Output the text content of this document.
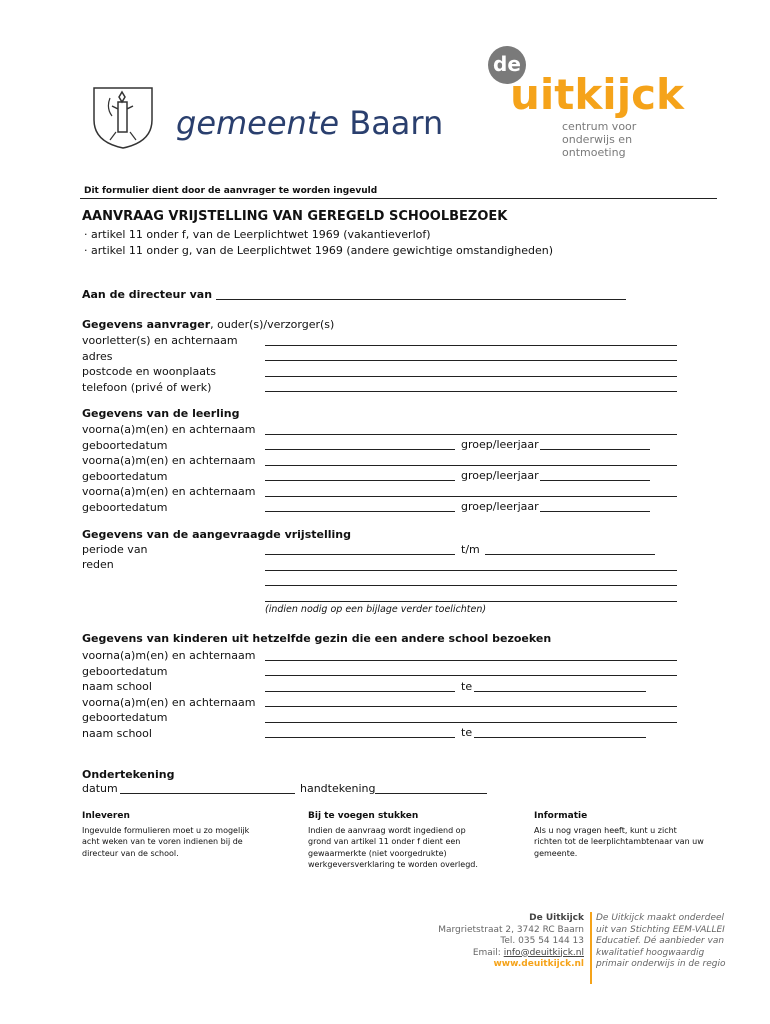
gemeente Baarn
de
uitkijck
centrum voor
onderwijs en
ontmoeting
Dit formulier dient door de aanvrager te worden ingevuld
AANVRAAG VRIJSTELLING VAN GEREGELD SCHOOLBEZOEK
· artikel 11 onder f, van de Leerplichtwet 1969 (vakantieverlof)
· artikel 11 onder g, van de Leerplichtwet 1969 (andere gewichtige omstandigheden)
Aan de directeur van
Gegevens aanvrager, ouder(s)/verzorger(s)
voorletter(s) en achternaam
adres
postcode en woonplaats
telefoon (privé of werk)
Gegevens van de leerling
voorna(a)m(en) en achternaam
geboortedatum
voorna(a)m(en) en achternaam
geboortedatum
voorna(a)m(en) en achternaam
geboortedatum
groep/leerjaar
groep/leerjaar
groep/leerjaar
Gegevens van de aangevraagde vrijstelling
periode van
reden
t/m
(indien nodig op een bijlage verder toelichten)
Gegevens van kinderen uit hetzelfde gezin die een andere school bezoeken
voorna(a)m(en) en achternaam
geboortedatum
naam school
voorna(a)m(en) en achternaam
geboortedatum
naam school
te
te
Ondertekening
datum	handtekening
Inleveren
Ingevulde formulieren moet u zo mogelijk
acht weken van te voren indienen bij de
directeur van de school.
Bij te voegen stukken
Indien de aanvraag wordt ingediend op
grond van artikel 11 onder f dient een
gewaarmerkte (niet voorgedrukte)
werkgeversverklaring te worden overlegd.
Informatie
Als u nog vragen heeft, kunt u zicht
richten tot de leerplichtambtenaar van uw
gemeente.
De Uitkijck
Margrietstraat 2, 3742 RC Baarn
Tel. 035 54 144 13
Email: info@deuitkijck.nl
www.deuitkijck.nl
De Uitkijck maakt onderdeel
uit van Stichting EEM-VALLEI
Educatief. Dé aanbieder van
kwalitatief hoogwaardig
primair onderwijs in de regio
